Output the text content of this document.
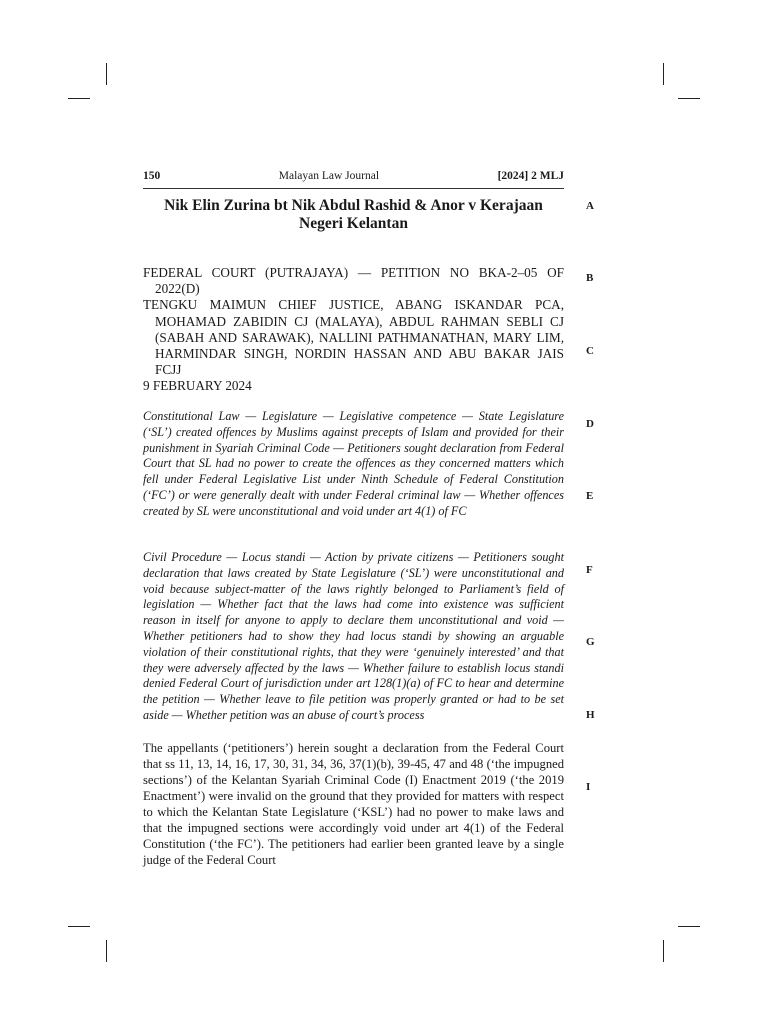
150	Malayan Law Journal	[2024] 2 MLJ
Nik Elin Zurina bt Nik Abdul Rashid & Anor v Kerajaan Negeri Kelantan

FEDERAL COURT (PUTRAJAYA) — PETITION NO BKA-2–05 OF 2022(D)

TENGKU MAIMUN CHIEF JUSTICE, ABANG ISKANDAR PCA, MOHAMAD ZABIDIN CJ (MALAYA), ABDUL RAHMAN SEBLI CJ (SABAH AND SARAWAK), NALLINI PATHMANATHAN, MARY LIM, HARMINDAR SINGH, NORDIN HASSAN AND ABU BAKAR JAIS FCJJ

9 FEBRUARY 2024

Constitutional Law — Legislature — Legislative competence — State Legislature (‘SL’) created offences by Muslims against precepts of Islam and provided for their punishment in Syariah Criminal Code — Petitioners sought declaration from Federal Court that SL had no power to create the offences as they concerned matters which fell under Federal Legislative List under Ninth Schedule of Federal Constitution (‘FC’) or were generally dealt with under Federal criminal law — Whether offences created by SL were unconstitutional and void under art 4(1) of FC
Civil Procedure — Locus standi — Action by private citizens — Petitioners sought declaration that laws created by State Legislature (‘SL’) were unconstitutional and void because subject-matter of the laws rightly belonged to Parliament’s field of legislation — Whether fact that the laws had come into existence was sufficient reason in itself for anyone to apply to declare them unconstitutional and void — Whether petitioners had to show they had locus standi by showing an arguable violation of their constitutional rights, that they were ‘genuinely interested’ and that they were adversely affected by the laws — Whether failure to establish locus standi denied Federal Court of jurisdiction under art 128(1)(a) of FC to hear and determine the petition — Whether leave to file petition was properly granted or had to be set aside — Whether petition was an abuse of court’s process
The appellants (‘petitioners’) herein sought a declaration from the Federal Court that ss 11, 13, 14, 16, 17, 30, 31, 34, 36, 37(1)(b), 39-45, 47 and 48 (‘the impugned sections’) of the Kelantan Syariah Criminal Code (I) Enactment 2019 (‘the 2019 Enactment’) were invalid on the ground that they provided for matters with respect to which the Kelantan State Legislature (‘KSL’) had no power to make laws and that the impugned sections were accordingly void under art 4(1) of the Federal Constitution (‘the FC’). The petitioners had earlier been granted leave by a single judge of the Federal Court
A
B
C
D
E
F
G
H
I
